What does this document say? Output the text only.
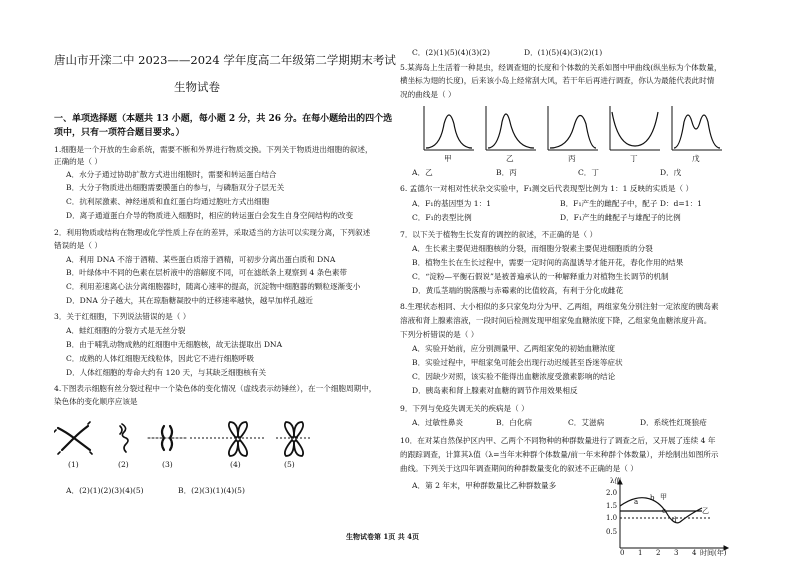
唐山市开滦二中 2023——2024 学年度高二年级第二学期期末考试
生物试卷
一、单项选择题（本题共 13 小题，每小题 2 分，共 26 分。在每小题给出的四个选
项中，只有一项符合题目要求。）
1.细胞是一个开放的生命系统，需要不断和外界进行物质交换。下列关于物质进出细胞的叙述，
正确的是（ ）
A．水分子通过协助扩散方式进出细胞时，需要和转运蛋白结合
B．大分子物质进出细胞需要膜蛋白的参与，与磷脂双分子层无关
C．抗利尿激素、神经递质和血红蛋白均通过胞吐方式出细胞
D．离子通道蛋白介导的物质进入细胞时，相应的转运蛋白会发生自身空间结构的改变
2．利用物质或结构在物理或化学性质上存在的差异，采取适当的方法可以实现分离，下列叙述
错误的是（ ）
A．利用 DNA 不溶于酒精、某些蛋白质溶于酒精，可初步分离出蛋白质和 DNA
B．叶绿体中不同的色素在层析液中的溶解度不同，可在滤纸条上观察到 4 条色素带
C．利用差速离心法分离细胞器时，随离心速率的提高，沉淀物中细胞器的颗粒逐渐变小
D．DNA 分子越大，其在琼脂糖凝胶中的迁移速率越快，越早加样孔越近
3．关于红细胞，下列说法错误的是（ ）
A．蛙红细胞的分裂方式是无丝分裂
B．由于哺乳动物成熟的红细胞中无细胞核，故无法提取出 DNA
C．成熟的人体红细胞无线粒体，因此它不进行细胞呼吸
D．人体红细胞的寿命大约有 120 天，与其缺乏细胞核有关
4.下图表示细胞有丝分裂过程中一个染色体的变化情况（虚线表示纺锤丝），在一个细胞周期中，
染色体的变化顺序应该是
(1)	(2)	(3)	(4)	(5)
A．(2)(1)(2)(3)(4)(5)	B．(2)(3)(1)(4)(5)
生物试卷第 1页 共 4页
C．(2)(1)(5)(4)(3)(2)	D．(1)(5)(4)(3)(2)(1)
5.某海岛上生活着一种昆虫，经调查翅的长度和个体数的关系如图中甲曲线(纵坐标为个体数量，
横坐标为翅的长度)，后来该小岛上经常刮大风，若干年后再进行调查，你认为最能代表此时情
况的曲线是（ ）
甲	乙	丙	丁	戊
A．乙	B．丙	C．丁	D．戊
6. 孟德尔一对相对性状杂交实验中，F₁测交后代表现型比例为 1：1 反映的实质是（ ）
A．F₁的基因型为 1：1	B．F₁产生的雌配子中，配子 D：d=1：1
C．F₁的表型比例	D．F₁产生的雌配子与雄配子的比例
7．以下关于植物生长发育的调控的叙述，不正确的是（ ）
A．生长素主要促进细胞核的分裂，而细胞分裂素主要促进细胞质的分裂
B．植物生长在生长过程中，需要一定时间的高温诱导才能开花，春化作用的结果
C．“淀粉—平衡石假说”是被普遍承认的一种解释重力对植物生长调节的机制
D．黄瓜茎端的脱落酸与赤霉素的比值较高，有利于分化成雌花
8.生理状态相同、大小相似的多只家兔均分为甲、乙两组，两组家兔分别注射一定浓度的胰岛素
溶液和肾上腺素溶液，一段时间后检测发现甲组家兔血糖浓度下降，乙组家兔血糖浓度升高。
下列分析错误的是（ ）
A．实验开始前，应分别测量甲、乙两组家兔的初始血糖浓度
B．实验过程中，甲组家兔可能会出现行动迟缓甚至昏迷等症状
C．因缺少对照，该实验不能得出血糖浓度受激素影响的结论
D．胰岛素和肾上腺素对血糖的调节作用效果相反
9．下列与免疫失调无关的疾病是（ ）
A．过敏性鼻炎	B．白化病	C．艾滋病	D．系统性红斑狼疮
10．在对某自然保护区内甲、乙两个不同物种的种群数量进行了调查之后，又开展了连续 4 年
的跟踪调查，计算其λ值（λ=当年末种群个体数量/前一年末种群个体数量），并绘制出如图所示
曲线。下列关于这四年调查期间的种群数量变化的叙述不正确的是（ ）
A．第 2 年末，甲种群数量比乙种群数量多	λ值
2.0
1.5
1.0
0.5
0 1 2 3 4 时间(年)
甲
乙
a b
c
d
